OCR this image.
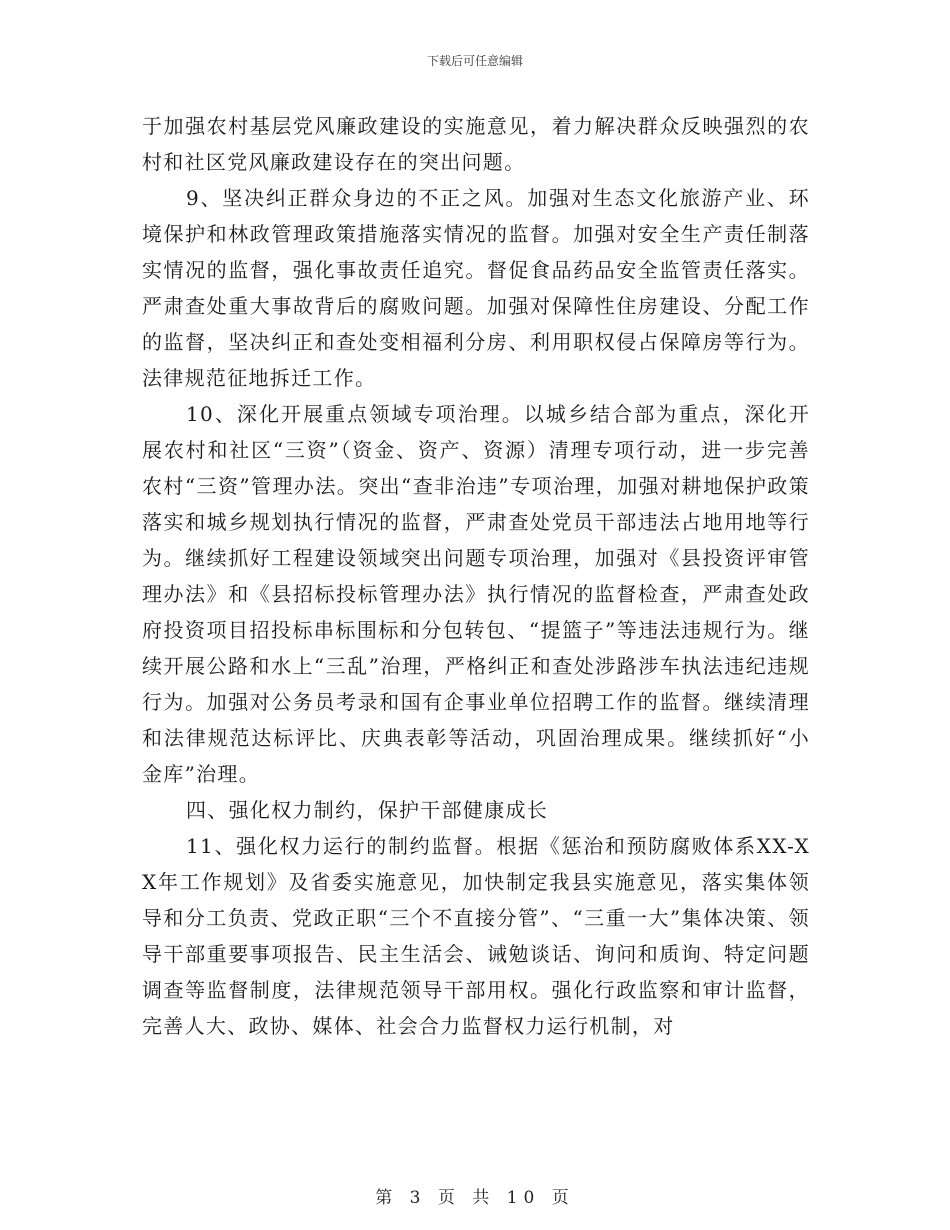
下载后可任意编辑

于加强农村基层党风廉政建设的实施意见，着力解决群众反映强烈的农村和社区党风廉政建设存在的突出问题。

9、坚决纠正群众身边的不正之风。加强对生态文化旅游产业、环境保护和林政管理政策措施落实情况的监督。加强对安全生产责任制落实情况的监督，强化事故责任追究。督促食品药品安全监管责任落实。严肃查处重大事故背后的腐败问题。加强对保障性住房建设、分配工作的监督，坚决纠正和查处变相福利分房、利用职权侵占保障房等行为。法律规范征地拆迁工作。

10、深化开展重点领域专项治理。以城乡结合部为重点，深化开展农村和社区“三资”（资金、资产、资源）清理专项行动，进一步完善农村“三资”管理办法。突出“查非治违”专项治理，加强对耕地保护政策落实和城乡规划执行情况的监督，严肃查处党员干部违法占地用地等行为。继续抓好工程建设领域突出问题专项治理，加强对《县投资评审管理办法》和《县招标投标管理办法》执行情况的监督检查，严肃查处政府投资项目招投标串标围标和分包转包、“提篮子”等违法违规行为。继续开展公路和水上“三乱”治理，严格纠正和查处涉路涉车执法违纪违规行为。加强对公务员考录和国有企事业单位招聘工作的监督。继续清理和法律规范达标评比、庆典表彰等活动，巩固治理成果。继续抓好“小金库”治理。

四、强化权力制约，保护干部健康成长

11、强化权力运行的制约监督。根据《惩治和预防腐败体系XX-XX年工作规划》及省委实施意见，加快制定我县实施意见，落实集体领导和分工负责、党政正职“三个不直接分管”、“三重一大”集体决策、领导干部重要事项报告、民主生活会、诫勉谈话、询问和质询、特定问题调查等监督制度，法律规范领导干部用权。强化行政监察和审计监督，完善人大、政协、媒体、社会合力监督权力运行机制，对

第 3 页 共 10 页
